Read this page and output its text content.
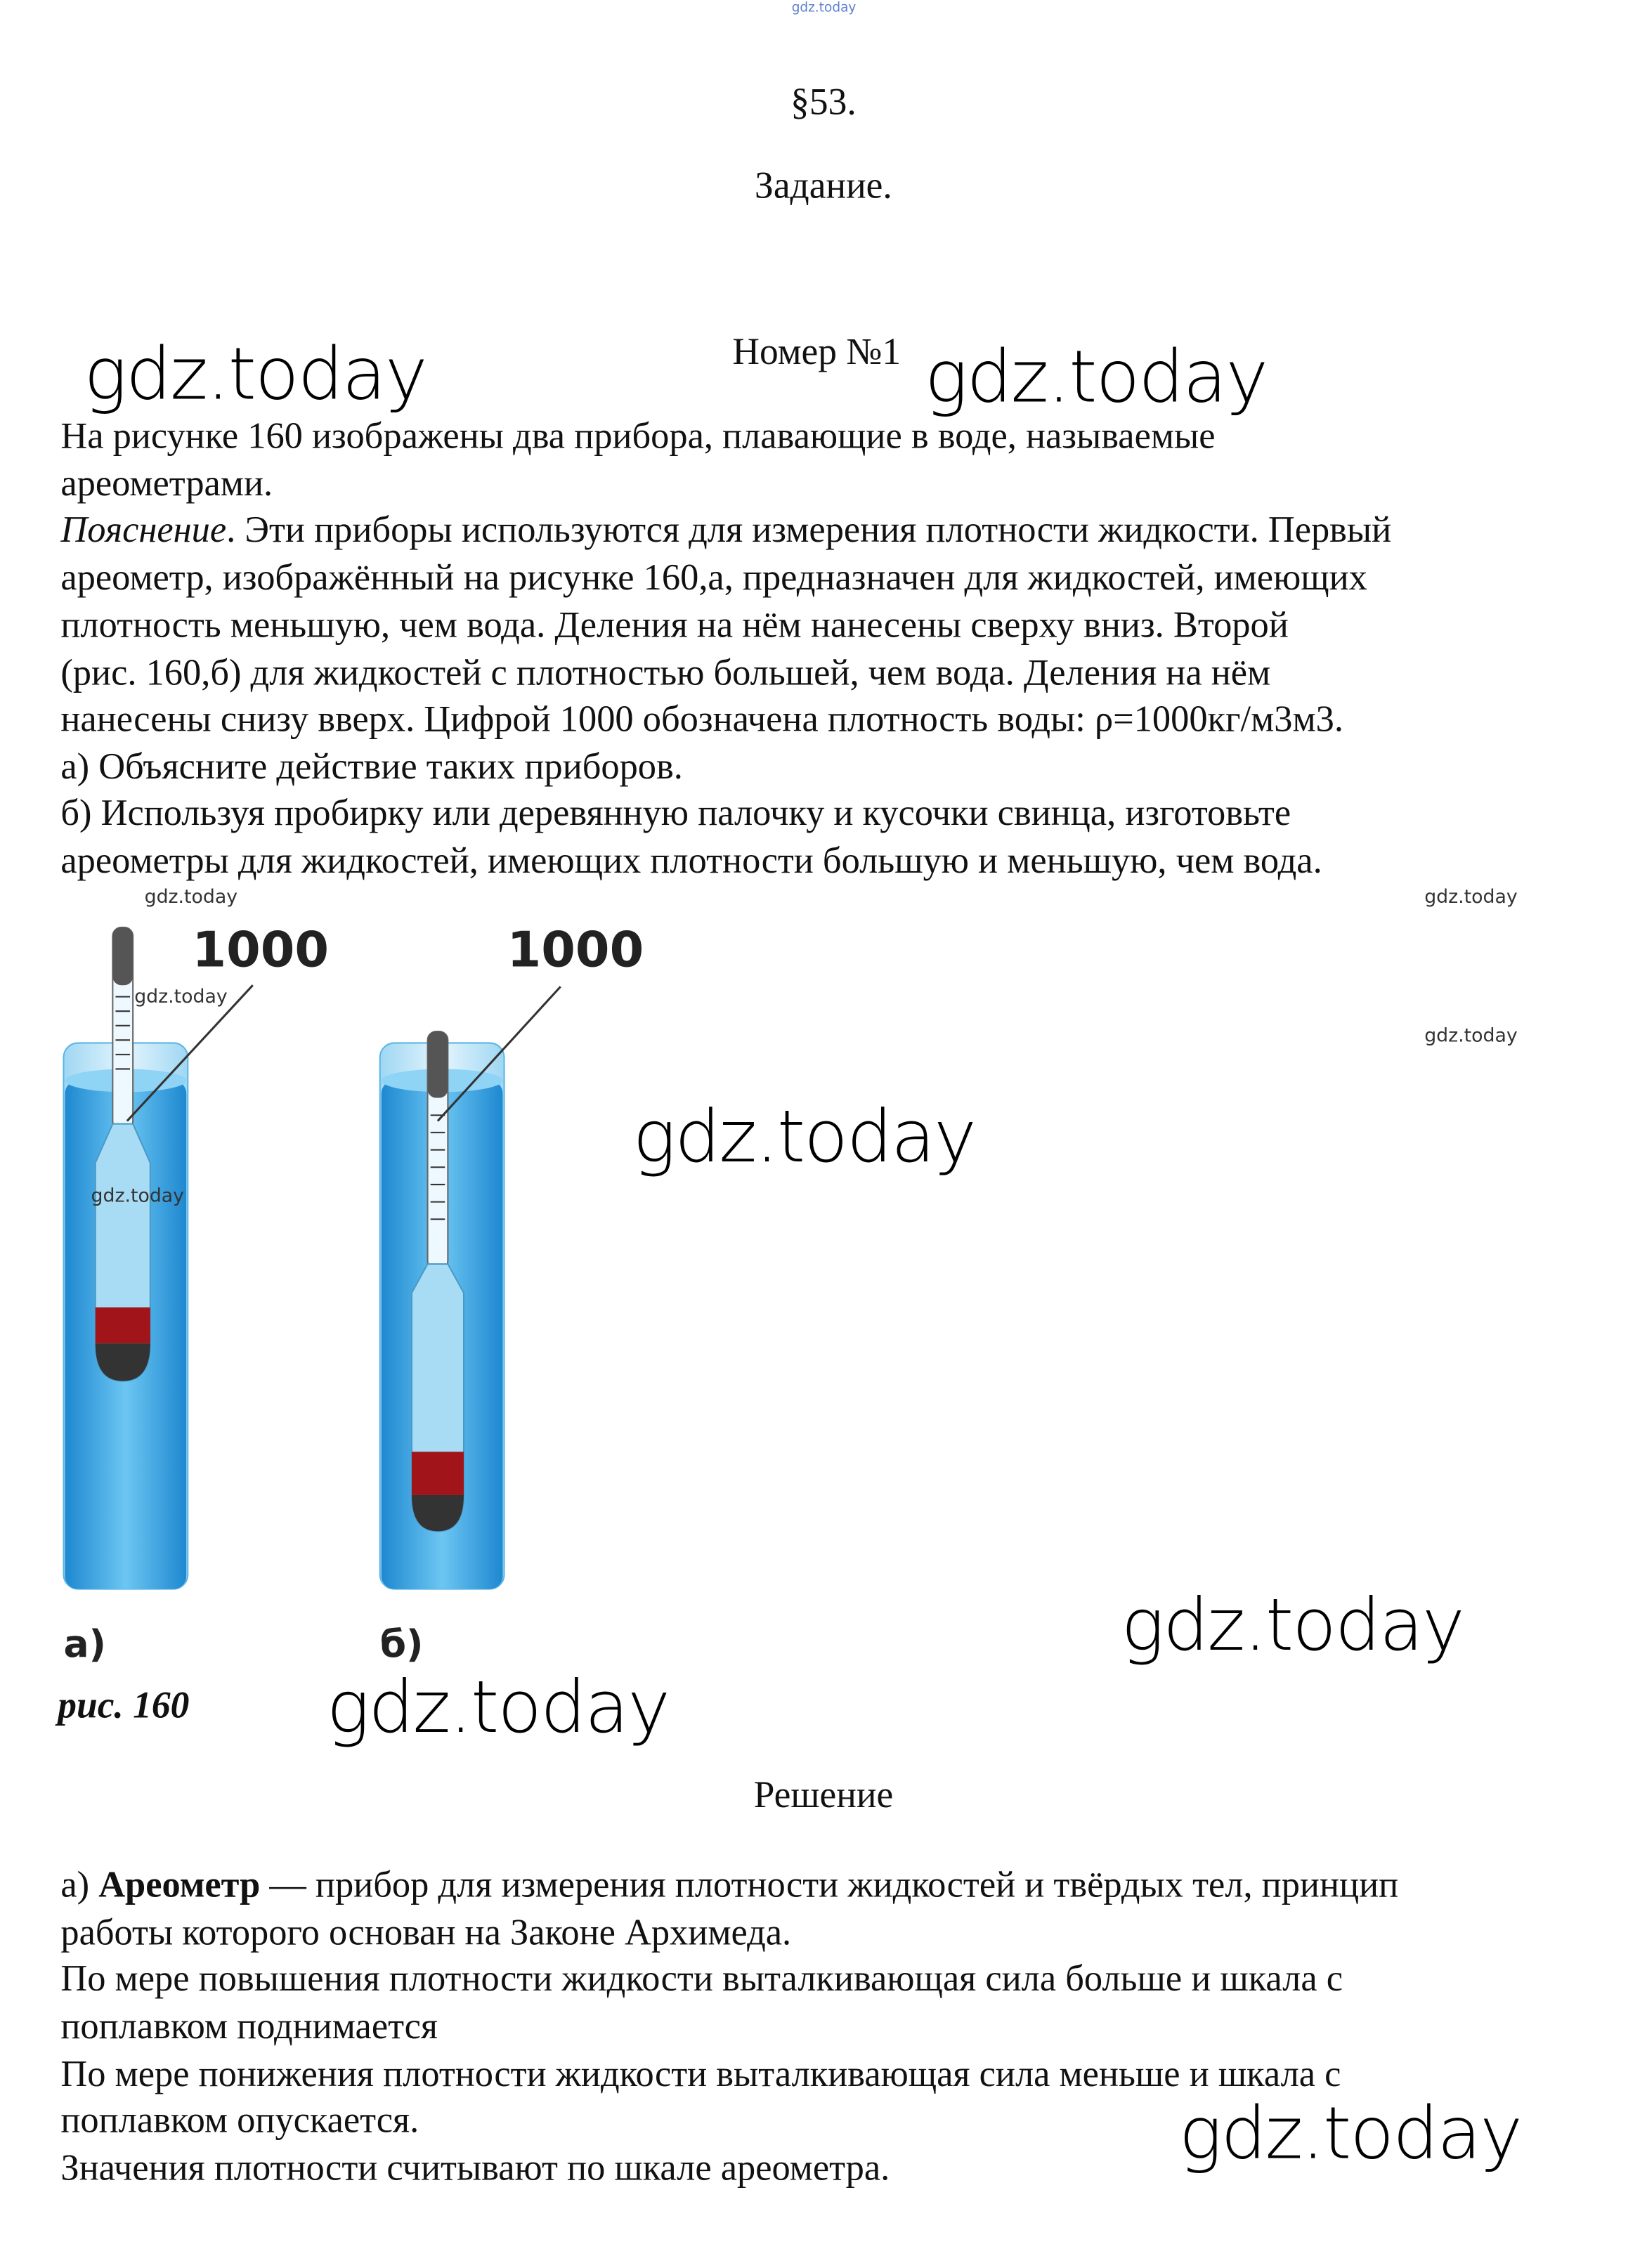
gdz.today
§53.
Задание.
Номер №1
На рисунке 160 изображены два прибора, плавающие в воде, называемые
ареометрами.
Пояснение. Эти приборы используются для измерения плотности жидкости. Первый
ареометр, изображённый на рисунке 160,а, предназначен для жидкостей, имеющих
плотность меньшую, чем вода. Деления на нём нанесены сверху вниз. Второй
(рис. 160,б) для жидкостей с плотностью большей, чем вода. Деления на нём
нанесены снизу вверх. Цифрой 1000 обозначена плотность воды: ρ=1000кг/м3м3.
а) Объясните действие таких приборов.
б) Используя пробирку или деревянную палочку и кусочки свинца, изготовьте
ареометры для жидкостей, имеющих плотности большую и меньшую, чем вода.
1000	1000
а)	б)
рис. 160
Решение
а) Ареометр — прибор для измерения плотности жидкостей и твёрдых тел, принцип
работы которого основан на Законе Архимеда.
По мере повышения плотности жидкости выталкивающая сила больше и шкала с
поплавком поднимается
По мере понижения плотности жидкости выталкивающая сила меньше и шкала с
поплавком опускается.
Значения плотности считывают по шкале ареометра.
gdz.today	gdz.today
gdz.today
gdz.today
gdz.today
gdz.today
gdz.today	gdz.today
gdz.today
gdz.today
gdz.today
